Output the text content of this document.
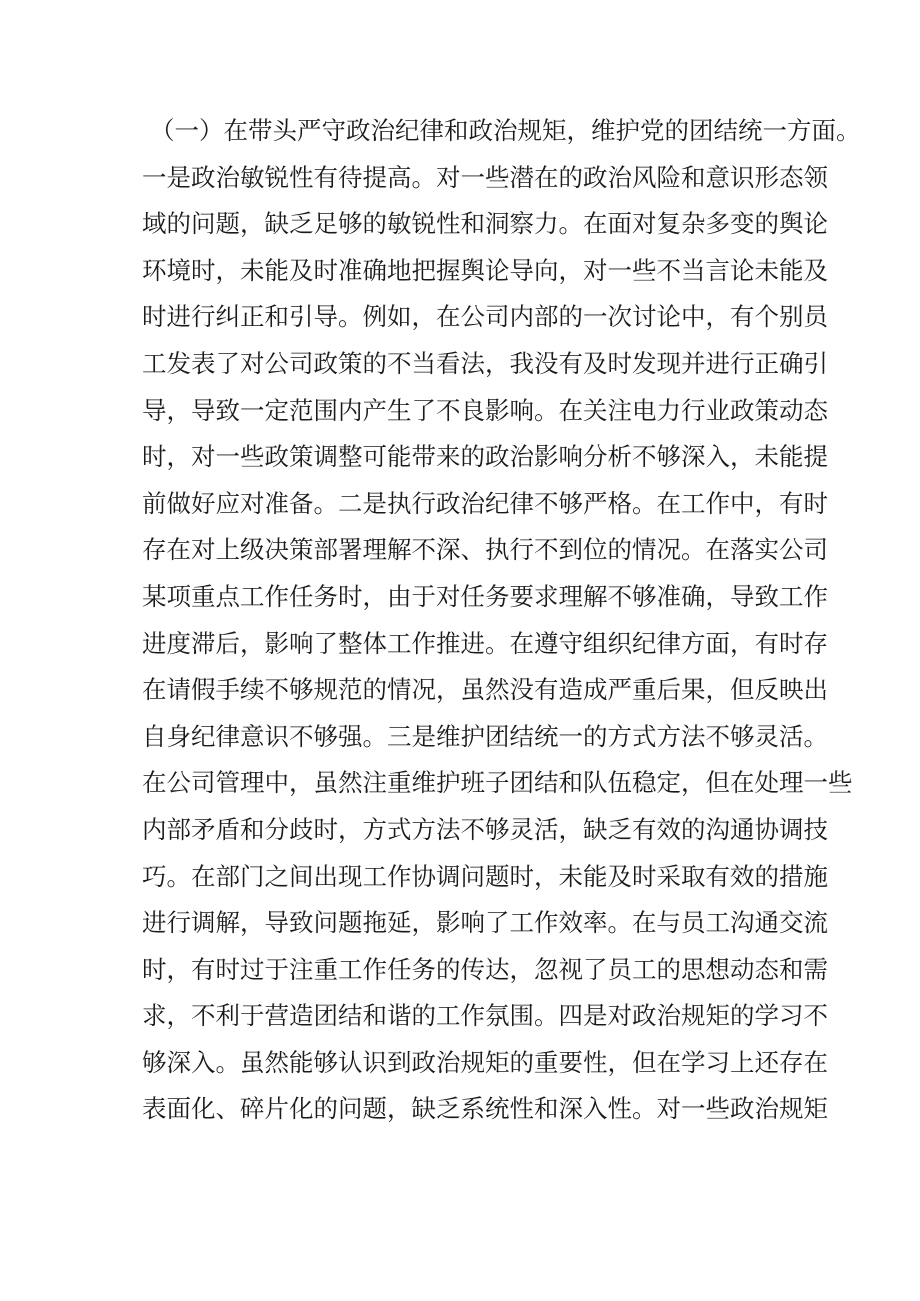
（一）在带头严守政治纪律和政治规矩，维护党的团结统一方面。
一是政治敏锐性有待提高。对一些潜在的政治风险和意识形态领
域的问题，缺乏足够的敏锐性和洞察力。在面对复杂多变的舆论
环境时，未能及时准确地把握舆论导向，对一些不当言论未能及
时进行纠正和引导。例如，在公司内部的一次讨论中，有个别员
工发表了对公司政策的不当看法，我没有及时发现并进行正确引
导，导致一定范围内产生了不良影响。在关注电力行业政策动态
时，对一些政策调整可能带来的政治影响分析不够深入，未能提
前做好应对准备。二是执行政治纪律不够严格。在工作中，有时
存在对上级决策部署理解不深、执行不到位的情况。在落实公司
某项重点工作任务时，由于对任务要求理解不够准确，导致工作
进度滞后，影响了整体工作推进。在遵守组织纪律方面，有时存
在请假手续不够规范的情况，虽然没有造成严重后果，但反映出
自身纪律意识不够强。三是维护团结统一的方式方法不够灵活。
在公司管理中，虽然注重维护班子团结和队伍稳定，但在处理一些
内部矛盾和分歧时，方式方法不够灵活，缺乏有效的沟通协调技
巧。在部门之间出现工作协调问题时，未能及时采取有效的措施
进行调解，导致问题拖延，影响了工作效率。在与员工沟通交流
时，有时过于注重工作任务的传达，忽视了员工的思想动态和需
求，不利于营造团结和谐的工作氛围。四是对政治规矩的学习不
够深入。虽然能够认识到政治规矩的重要性，但在学习上还存在
表面化、碎片化的问题，缺乏系统性和深入性。对一些政治规矩
